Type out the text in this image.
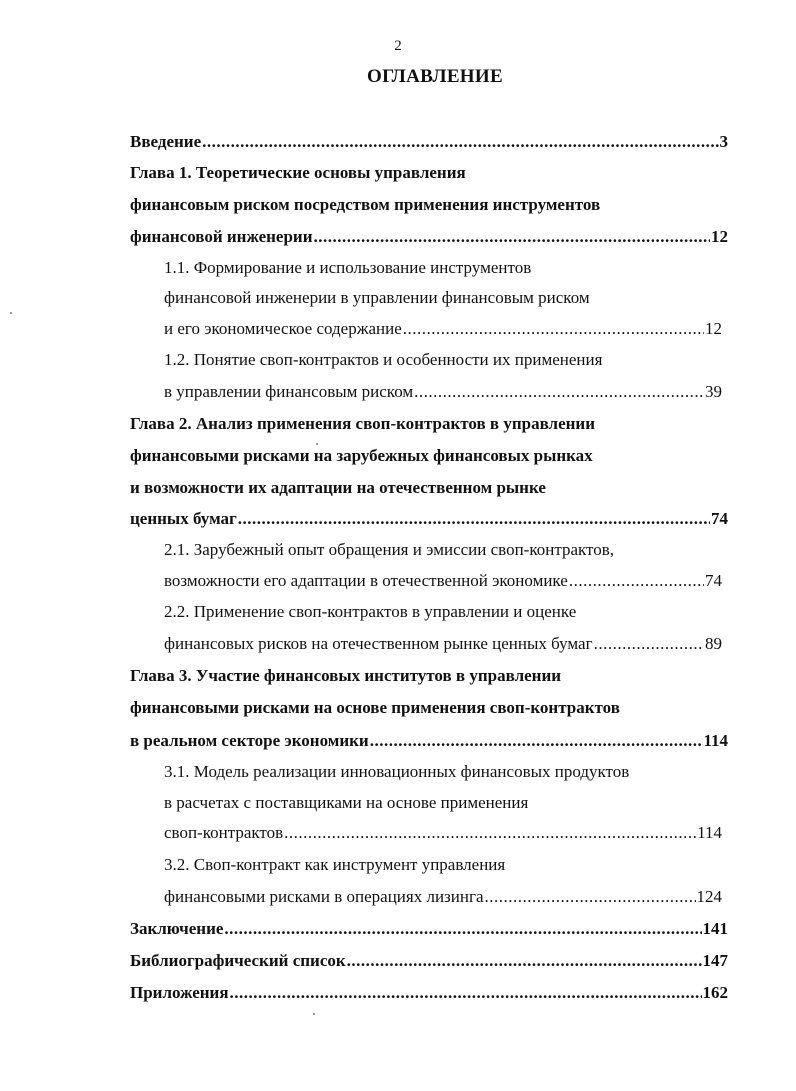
2
ОГЛАВЛЕНИЕ
Введение .....	3
Глава 1. Теоретические основы управления
финансовым риском посредством применения инструментов
финансовой инженерии .....	12
1.1. Формирование и использование инструментов
финансовой инженерии в управлении финансовым риском
и его экономическое содержание .....	12
1.2. Понятие своп-контрактов и особенности их применения
в управлении финансовым риском .....	39
Глава 2. Анализ применения своп-контрактов в управлении
финансовыми рисками на зарубежных финансовых рынках
и возможности их адаптации на отечественном рынке
ценных бумаг .....	74
2.1. Зарубежный опыт обращения и эмиссии своп-контрактов,
возможности его адаптации в отечественной экономике .....	74
2.2. Применение своп-контрактов в управлении и оценке
финансовых рисков на отечественном рынке ценных бумаг .....	89
Глава 3. Участие финансовых институтов в управлении
финансовыми рисками на основе применения своп-контрактов
в реальном секторе экономики .....	114
3.1. Модель реализации инновационных финансовых продуктов
в расчетах с поставщиками на основе применения
своп-контрактов .....	114
3.2. Своп-контракт как инструмент управления
финансовыми рисками в операциях лизинга .....	124
Заключение .....	141
Библиографический список .....	147
Приложения .....	162
